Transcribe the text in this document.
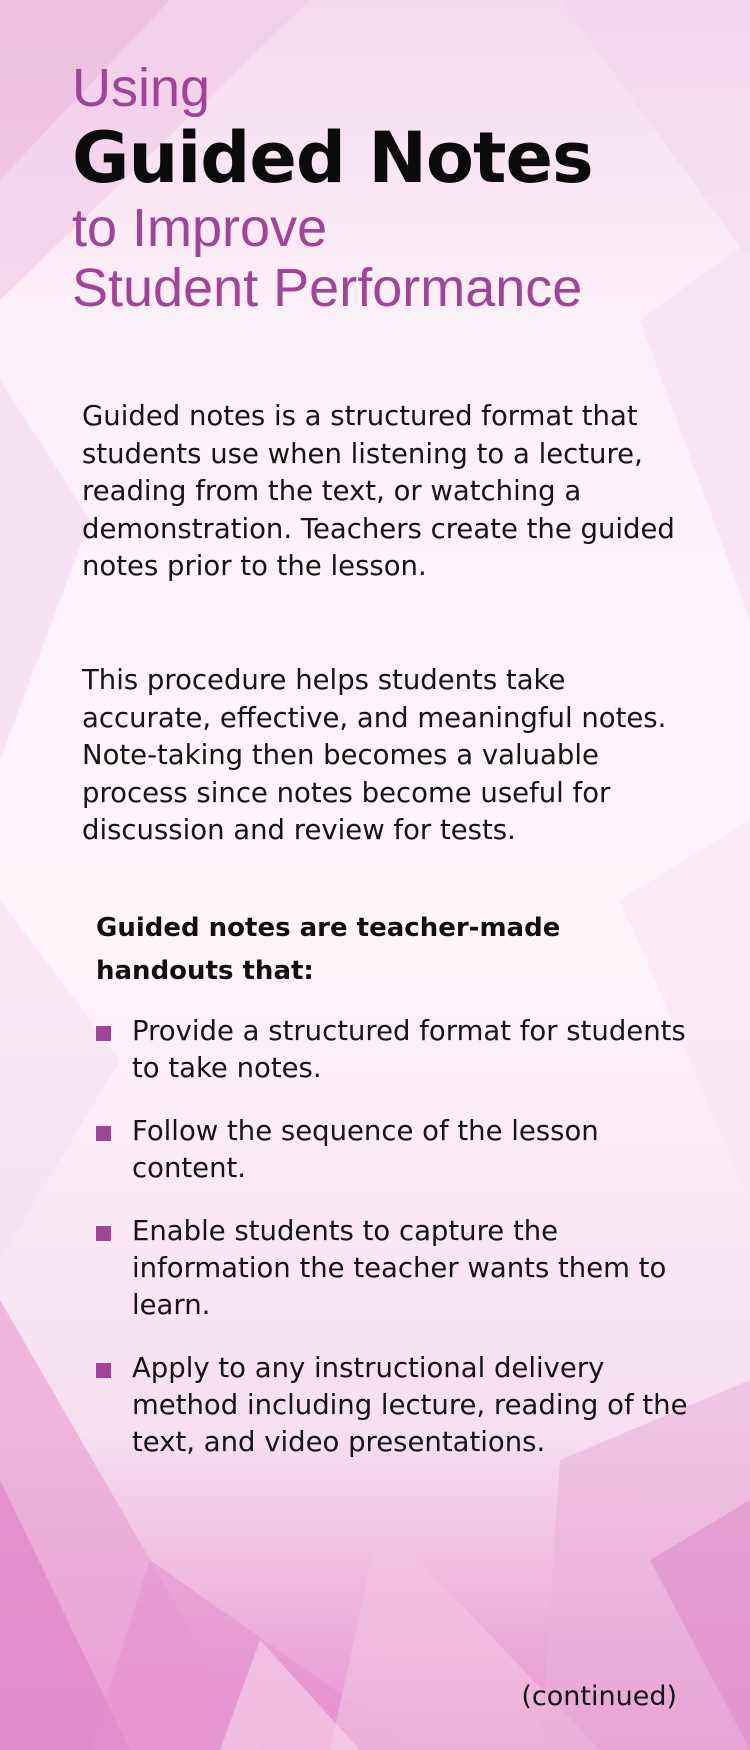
Using
Guided Notes
to Improve
Student Performance

Guided notes is a structured format that students use when listening to a lecture, reading from the text, or watching a demonstration. Teachers create the guided notes prior to the lesson.

This procedure helps students take accurate, effective, and meaningful notes. Note-taking then becomes a valuable process since notes become useful for discussion and review for tests.

Guided notes are teacher-made handouts that:

Provide a structured format for students to take notes.
Follow the sequence of the lesson content.
Enable students to capture the information the teacher wants them to learn.
Apply to any instructional delivery method including lecture, reading of the text, and video presentations.

(continued)
